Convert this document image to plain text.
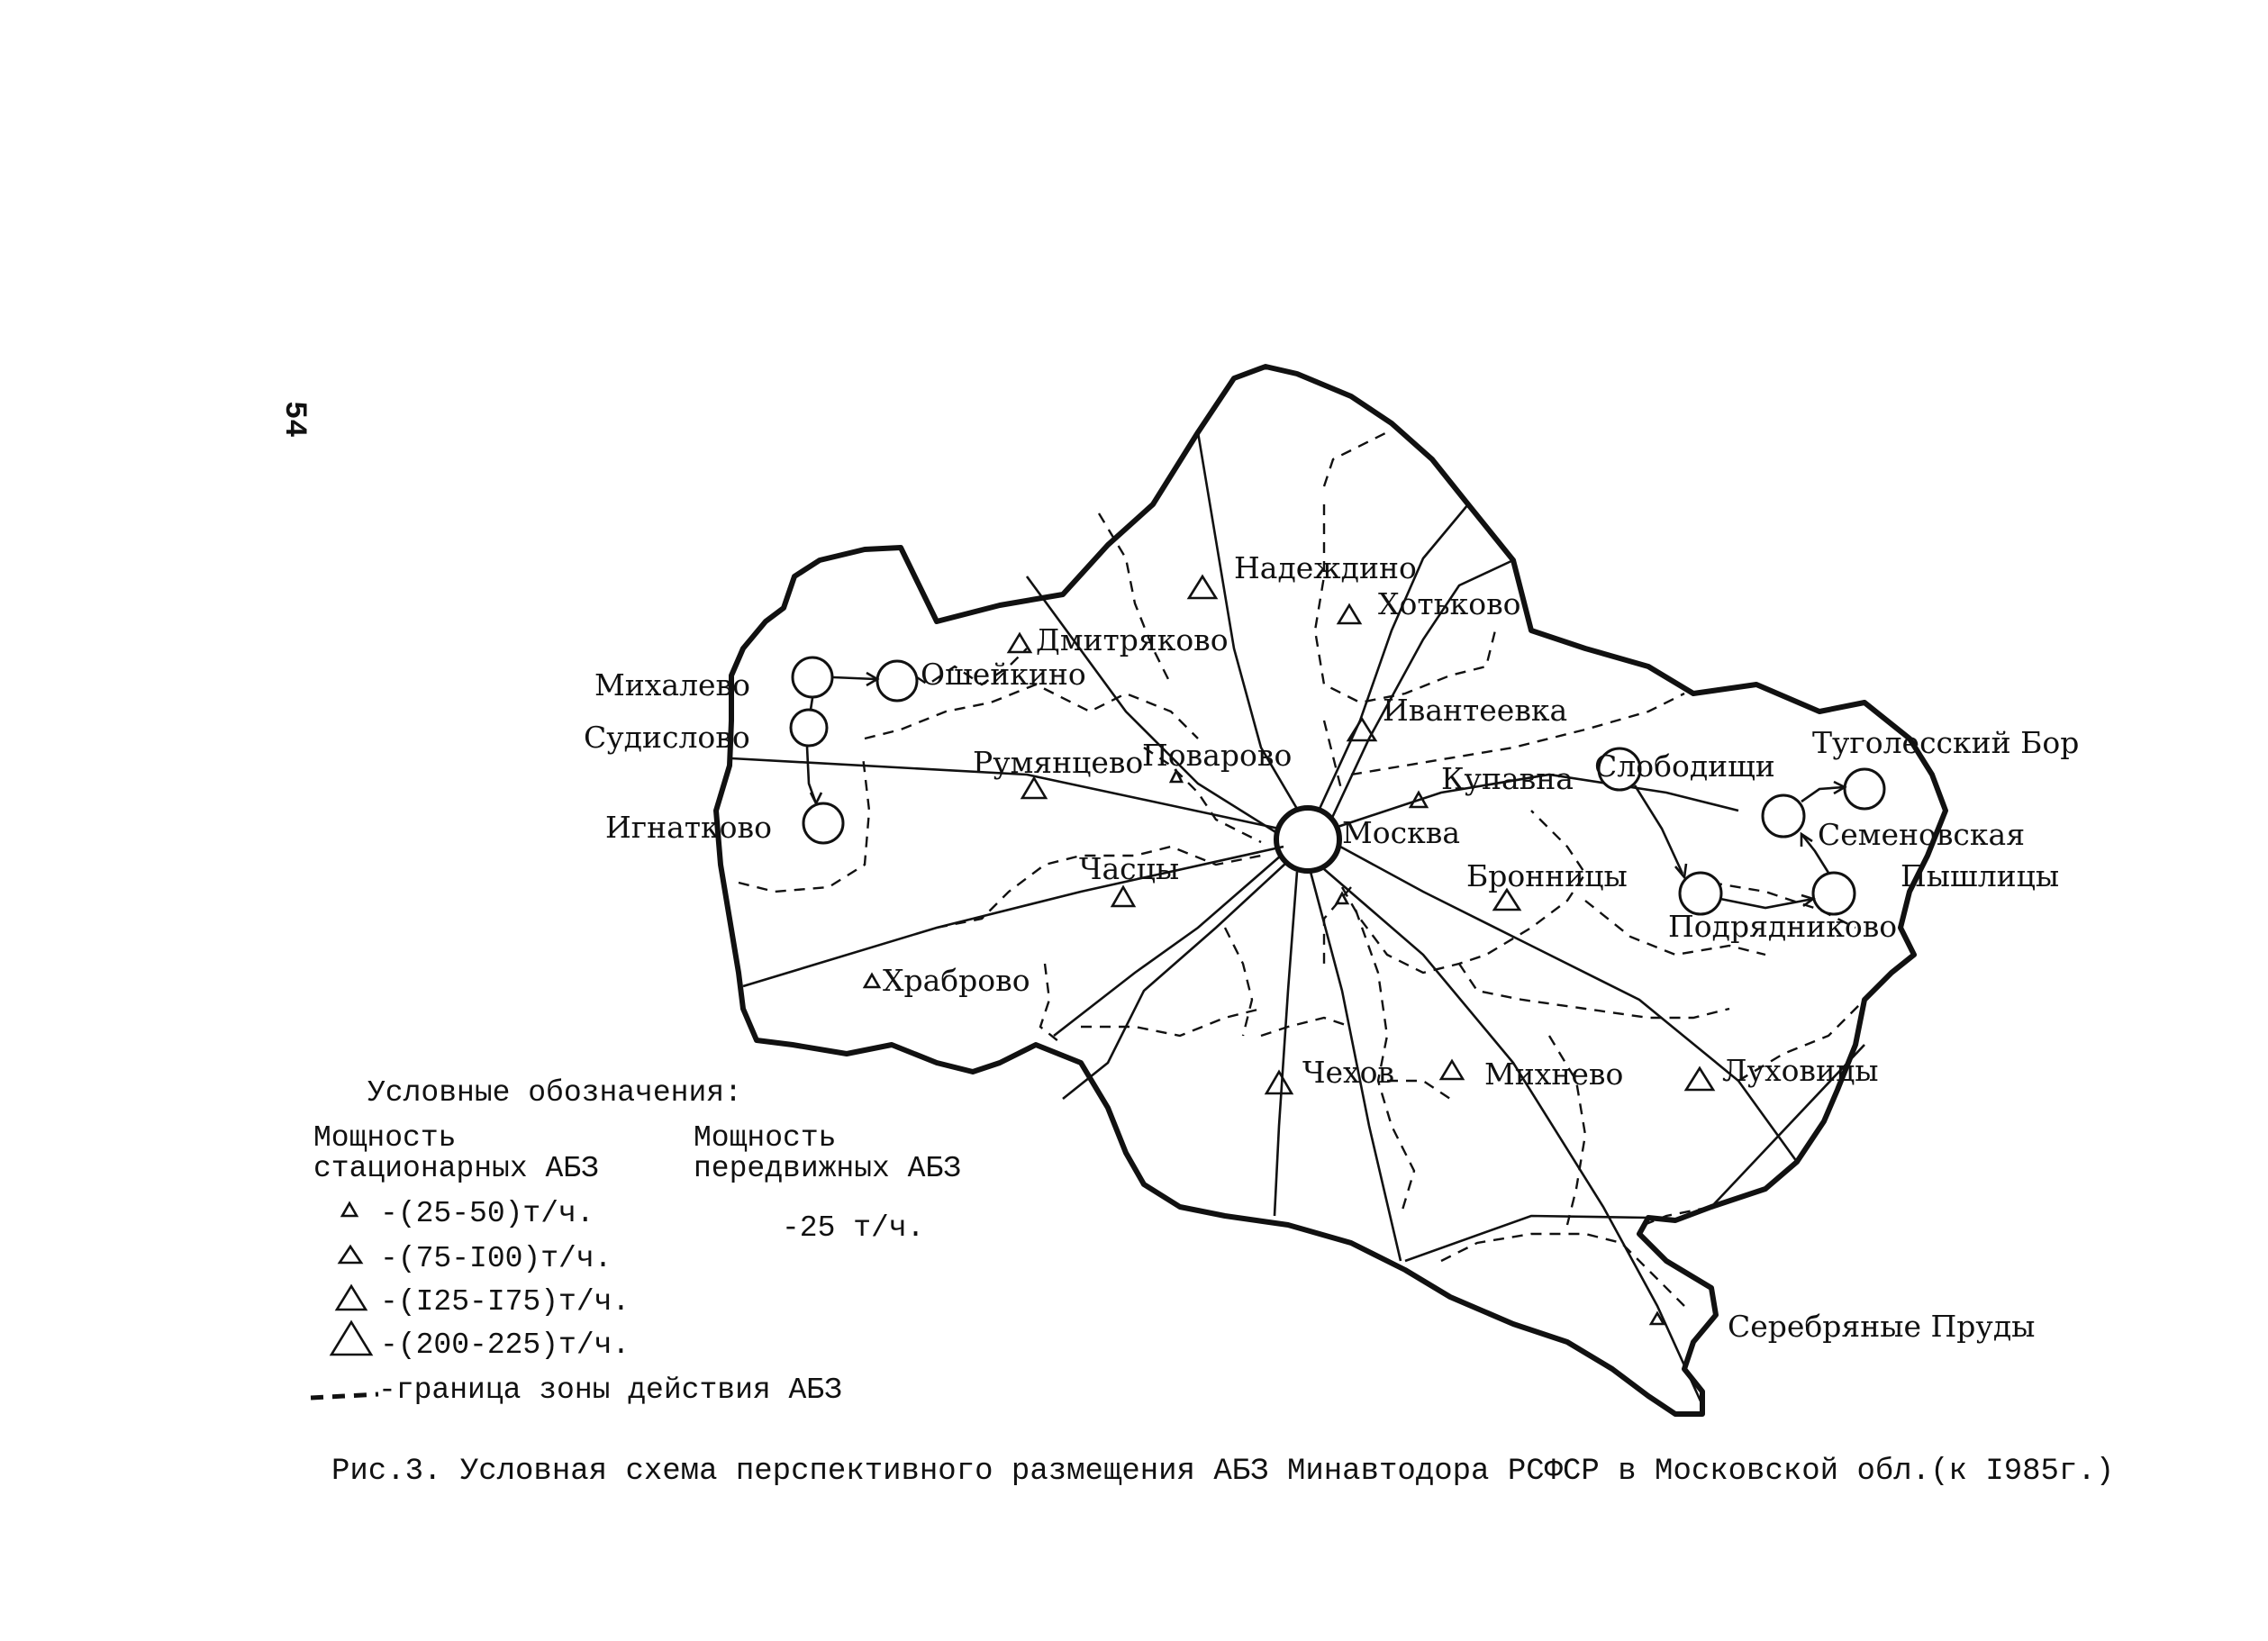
54
Надеждино
Хотьково
Дмитряково
Ошейкино
Михалево
Судислово
Игнатково
Ивантеевка
Румянцево
Поварово
Купавна
Москва
Слободищи
Туголесский Бор
Семеновская
Пышлицы
Часцы	Бронницы
Подрядниково
Храброво
Чехов	Михнево	Луховицы
Серебряные Пруды
Условные обозначения:
Мощность
стационарных АБЗ
Мощность
передвижных АБЗ
-25 т/ч.
-(25-50)т/ч.
-(75-I00)т/ч.
-(I25-I75)т/ч.
-(200-225)т/ч.
-граница зоны действия АБЗ
Рис.3. Условная схема перспективного размещения АБЗ Минавтодора РСФСР в Московской обл.(к I985г.)
